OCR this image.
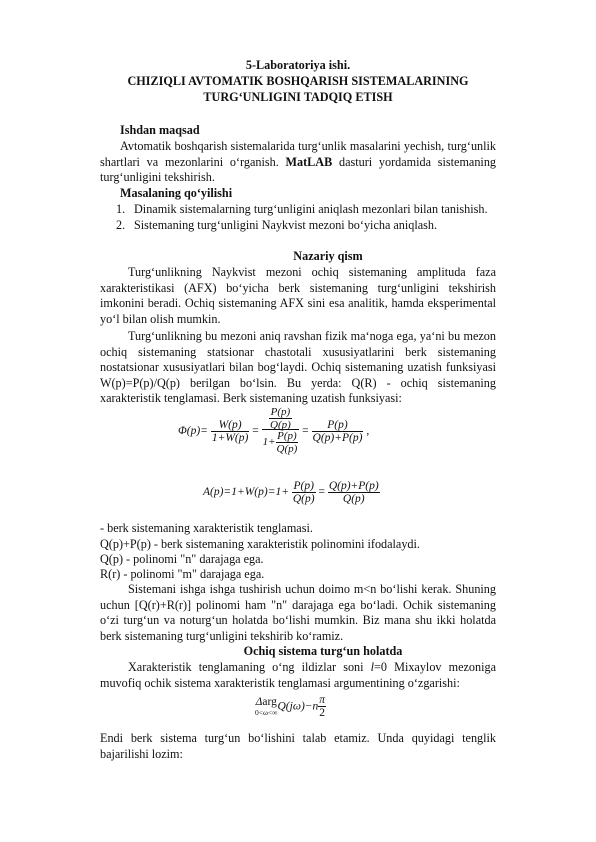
5-Laboratoriya ishi.
CHIZIQLI AVTOMATIK BOSHQARISH SISTEMALARINING
TURG‘UNLIGINI TADQIQ ETISH
Ishdan maqsad
Avtomatik boshqarish sistemalarida turg‘unlik masalarini yechish, turg‘unlik shartlari va mezonlarini o‘rganish. MatLAB dasturi yordamida sistemaning turg‘unligini tekshirish.
Masalaning qo‘yilishi
1. Dinamik sistemalarning turg‘unligini aniqlash mezonlari bilan tanishish.
2. Sistemaning turg‘unligini Naykvist mezoni bo‘yicha aniqlash.
Nazariy qism
Turg‘unlikning Naykvist mezoni ochiq sistemaning amplituda faza xarakteristikasi (AFX) bo‘yicha berk sistemaning turg‘unligini tekshirish imkonini beradi. Ochiq sistemaning AFX sini esa analitik, hamda eksperimental yo‘l bilan olish mumkin.
Turg‘unlikning bu mezoni aniq ravshan fizik ma‘noga ega, ya‘ni bu mezon ochiq sistemaning statsionar chastotali xususiyatlarini berk sistemaning nostatsionar xususiyatlari bilan bog‘laydi. Ochiq sistemaning uzatish funksiyasi W(p)=P(p)/Q(p) berilgan bo‘lsin. Bu yerda: Q(R) - ochiq sistemaning xarakteristik tenglamasi. Berk sistemaning uzatish funksiyasi:
$\Phi(p)= \frac{W(p)}{1+W(p)} = \frac{\frac{P(p)}{Q(p)}}{1+ \frac{P(p)}{Q(p)}} = \frac{P(p)}{Q(p)+P(p)}$ ,
$A(p)=1+W(p)=1+ \frac{P(p)}{Q(p)} = \frac{Q(p)+P(p)}{Q(p)}$
- berk sistemaning xarakteristik tenglamasi.
Q(p)+P(p) - berk sistemaning xarakteristik polinomini ifodalaydi.
Q(p) - polinomi "n" darajaga ega.
R(r) - polinomi "m" darajaga ega.
Sistemani ishga ishga tushirish uchun doimo m<n bo‘lishi kerak. Shuning uchun [Q(r)+R(r)] polinomi ham "n" darajaga ega bo‘ladi. Ochik sistemaning o‘zi turg‘un va noturg‘un holatda bo‘lishi mumkin. Biz mana shu ikki holatda berk sistemaning turg‘unligini tekshirib ko‘ramiz.
Ochiq sistema turg‘un holatda
Xarakteristik tenglamaning o‘ng ildizlar soni l=0 Mixaylov mezoniga muvofiq ochik sistema xarakteristik tenglamasi argumentining o‘zgarishi:
Δarg
0<ω<∞ $Q(j\omega)-n \frac{\pi}{2}$
Endi berk sistema turg‘un bo‘lishini talab etamiz. Unda quyidagi tenglik bajarilishi lozim:
